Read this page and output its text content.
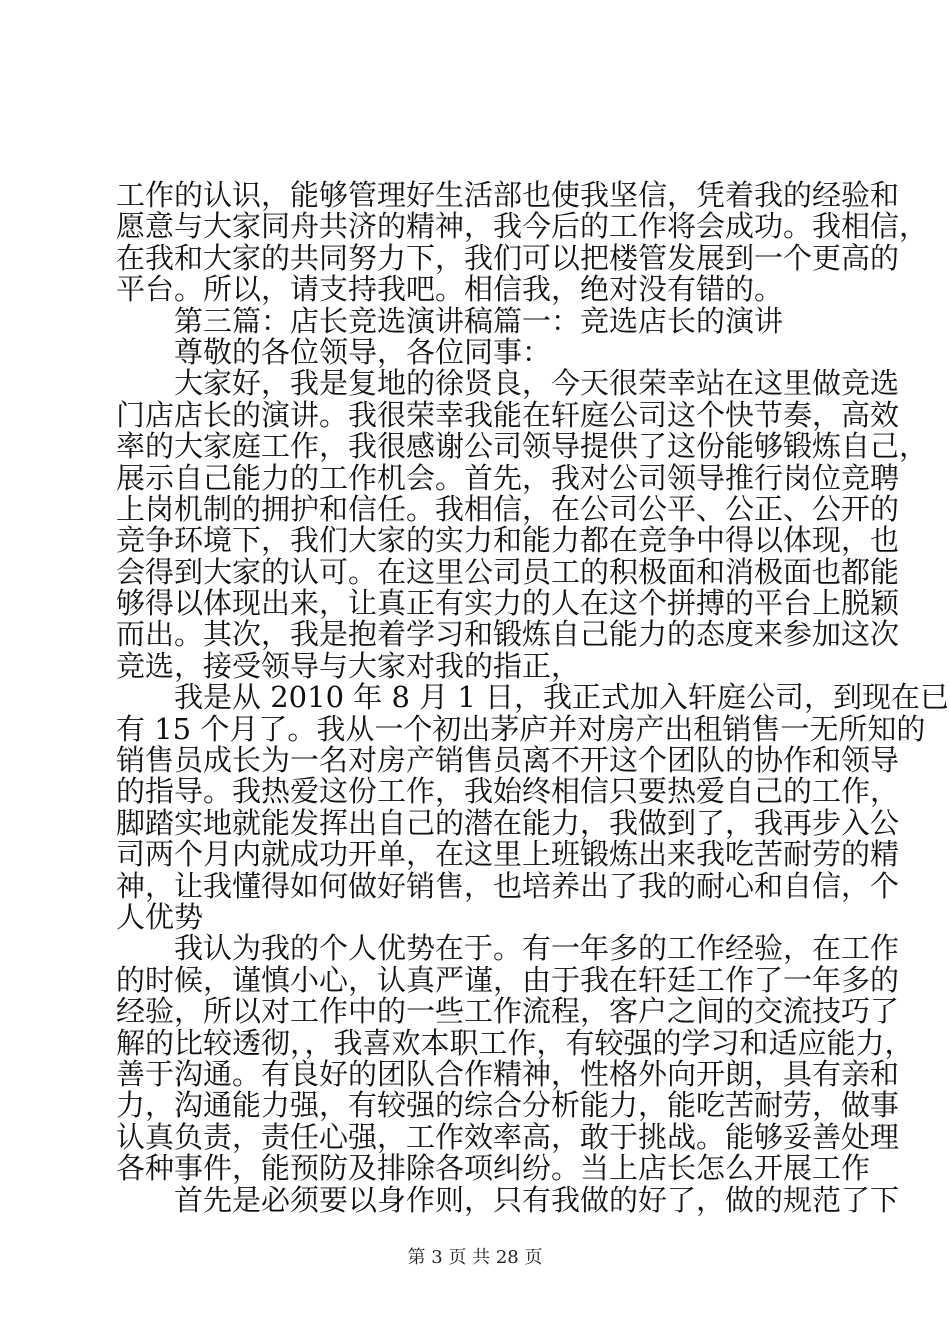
工作的认识，能够管理好生活部也使我坚信，凭着我的经验和
愿意与大家同舟共济的精神，我今后的工作将会成功。我相信，
在我和大家的共同努力下，我们可以把楼管发展到一个更高的
平台。所以，请支持我吧。相信我，绝对没有错的。
第三篇：店长竞选演讲稿篇一：竞选店长的演讲
尊敬的各位领导，各位同事：
大家好，我是复地的徐贤良，今天很荣幸站在这里做竞选
门店店长的演讲。我很荣幸我能在轩庭公司这个快节奏，高效
率的大家庭工作，我很感谢公司领导提供了这份能够锻炼自己，
展示自己能力的工作机会。首先，我对公司领导推行岗位竞聘
上岗机制的拥护和信任。我相信，在公司公平、公正、公开的
竞争环境下，我们大家的实力和能力都在竞争中得以体现，也
会得到大家的认可。在这里公司员工的积极面和消极面也都能
够得以体现出来，让真正有实力的人在这个拼搏的平台上脱颖
而出。其次，我是抱着学习和锻炼自己能力的态度来参加这次
竞选，接受领导与大家对我的指正，
我是从 2010 年 8 月 1 日，我正式加入轩庭公司，到现在已
有 15 个月了。我从一个初出茅庐并对房产出租销售一无所知的
销售员成长为一名对房产销售员离不开这个团队的协作和领导
的指导。我热爱这份工作，我始终相信只要热爱自己的工作，
脚踏实地就能发挥出自己的潜在能力，我做到了，我再步入公
司两个月内就成功开单，在这里上班锻炼出来我吃苦耐劳的精
神，让我懂得如何做好销售，也培养出了我的耐心和自信，个
人优势
我认为我的个人优势在于。有一年多的工作经验，在工作
的时候，谨慎小心，认真严谨，由于我在轩廷工作了一年多的
经验，所以对工作中的一些工作流程，客户之间的交流技巧了
解的比较透彻，，我喜欢本职工作，有较强的学习和适应能力，
善于沟通。有良好的团队合作精神，性格外向开朗，具有亲和
力，沟通能力强，有较强的综合分析能力，能吃苦耐劳，做事
认真负责，责任心强，工作效率高，敢于挑战。能够妥善处理
各种事件，能预防及排除各项纠纷。当上店长怎么开展工作
首先是必须要以身作则，只有我做的好了，做的规范了下
第 3 页 共 28 页
